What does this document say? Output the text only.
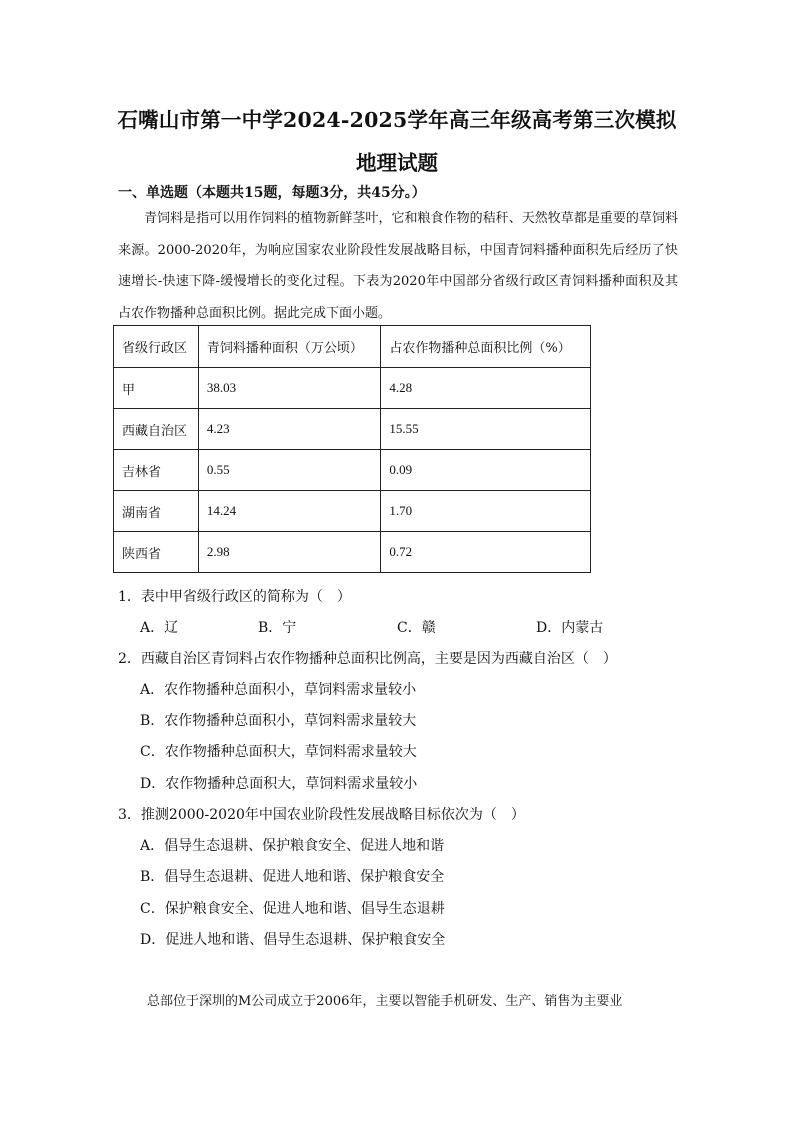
石嘴山市第一中学2024-2025学年高三年级高考第三次模拟
地理试题
一、单选题（本题共15题，每题3分，共45分。）
青饲料是指可以用作饲料的植物新鲜茎叶，它和粮食作物的秸秆、天然牧草都是重要的草饲料来源。2000-2020年，为响应国家农业阶段性发展战略目标，中国青饲料播种面积先后经历了快速增长-快速下降-缓慢增长的变化过程。下表为2020年中国部分省级行政区青饲料播种面积及其占农作物播种总面积比例。据此完成下面小题。
省级行政区	青饲料播种面积（万公顷）	占农作物播种总面积比例（%）
甲	38.03	4.28
西藏自治区	4.23	15.55
吉林省	0.55	0.09
湖南省	14.24	1.70
陕西省	2.98	0.72
1．表中甲省级行政区的简称为（　）
A．辽	B．宁	C．赣	D．内蒙古
2．西藏自治区青饲料占农作物播种总面积比例高，主要是因为西藏自治区（　）
A．农作物播种总面积小，草饲料需求量较小
B．农作物播种总面积小，草饲料需求量较大
C．农作物播种总面积大，草饲料需求量较大
D．农作物播种总面积大，草饲料需求量较小
3．推测2000-2020年中国农业阶段性发展战略目标依次为（　）
A．倡导生态退耕、保护粮食安全、促进人地和谐
B．倡导生态退耕、促进人地和谐、保护粮食安全
C．保护粮食安全、促进人地和谐、倡导生态退耕
D．促进人地和谐、倡导生态退耕、保护粮食安全
总部位于深圳的M公司成立于2006年，主要以智能手机研发、生产、销售为主要业
